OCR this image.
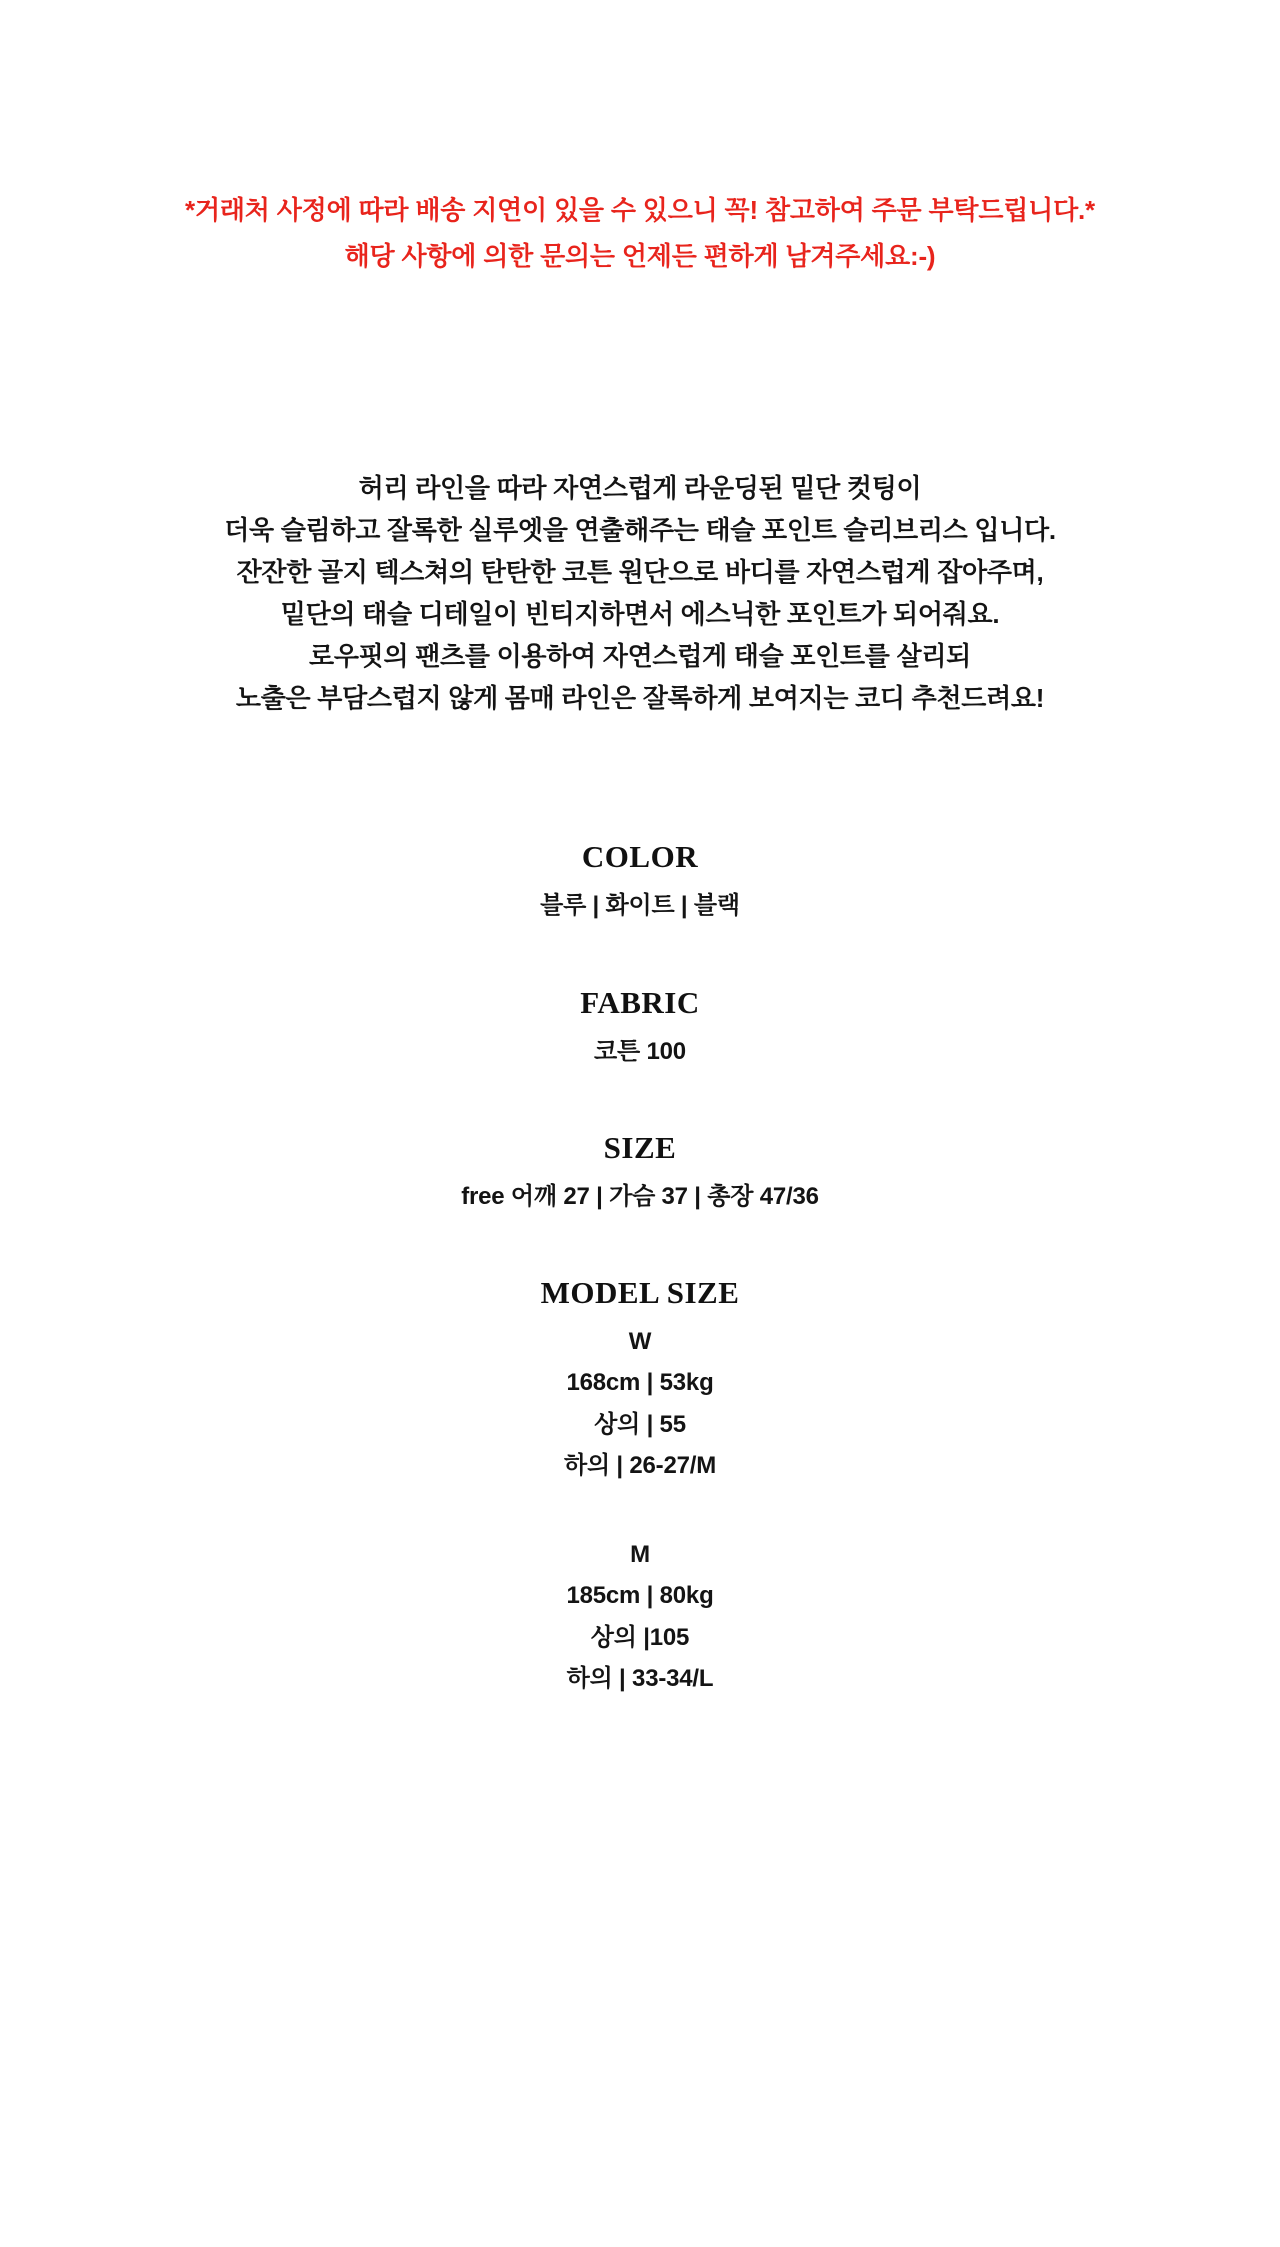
*거래처 사정에 따라 배송 지연이 있을 수 있으니 꼭! 참고하여 주문 부탁드립니다.*
해당 사항에 의한 문의는 언제든 편하게 남겨주세요:-)
허리 라인을 따라 자연스럽게 라운딩된 밑단 컷팅이
더욱 슬림하고 잘록한 실루엣을 연출해주는 태슬 포인트 슬리브리스 입니다.
잔잔한 골지 텍스쳐의 탄탄한 코튼 원단으로 바디를 자연스럽게 잡아주며,
밑단의 태슬 디테일이 빈티지하면서 에스닉한 포인트가 되어줘요.
로우핏의 팬츠를 이용하여 자연스럽게 태슬 포인트를 살리되
노출은 부담스럽지 않게 몸매 라인은 잘록하게 보여지는 코디 추천드려요!
COLOR
블루 | 화이트 | 블랙
FABRIC
코튼 100
SIZE
free 어깨 27 | 가슴 37 | 총장 47/36
MODEL SIZE
W
168cm | 53kg
상의 | 55
하의 | 26-27/M
M
185cm | 80kg
상의 |105
하의 | 33-34/L
